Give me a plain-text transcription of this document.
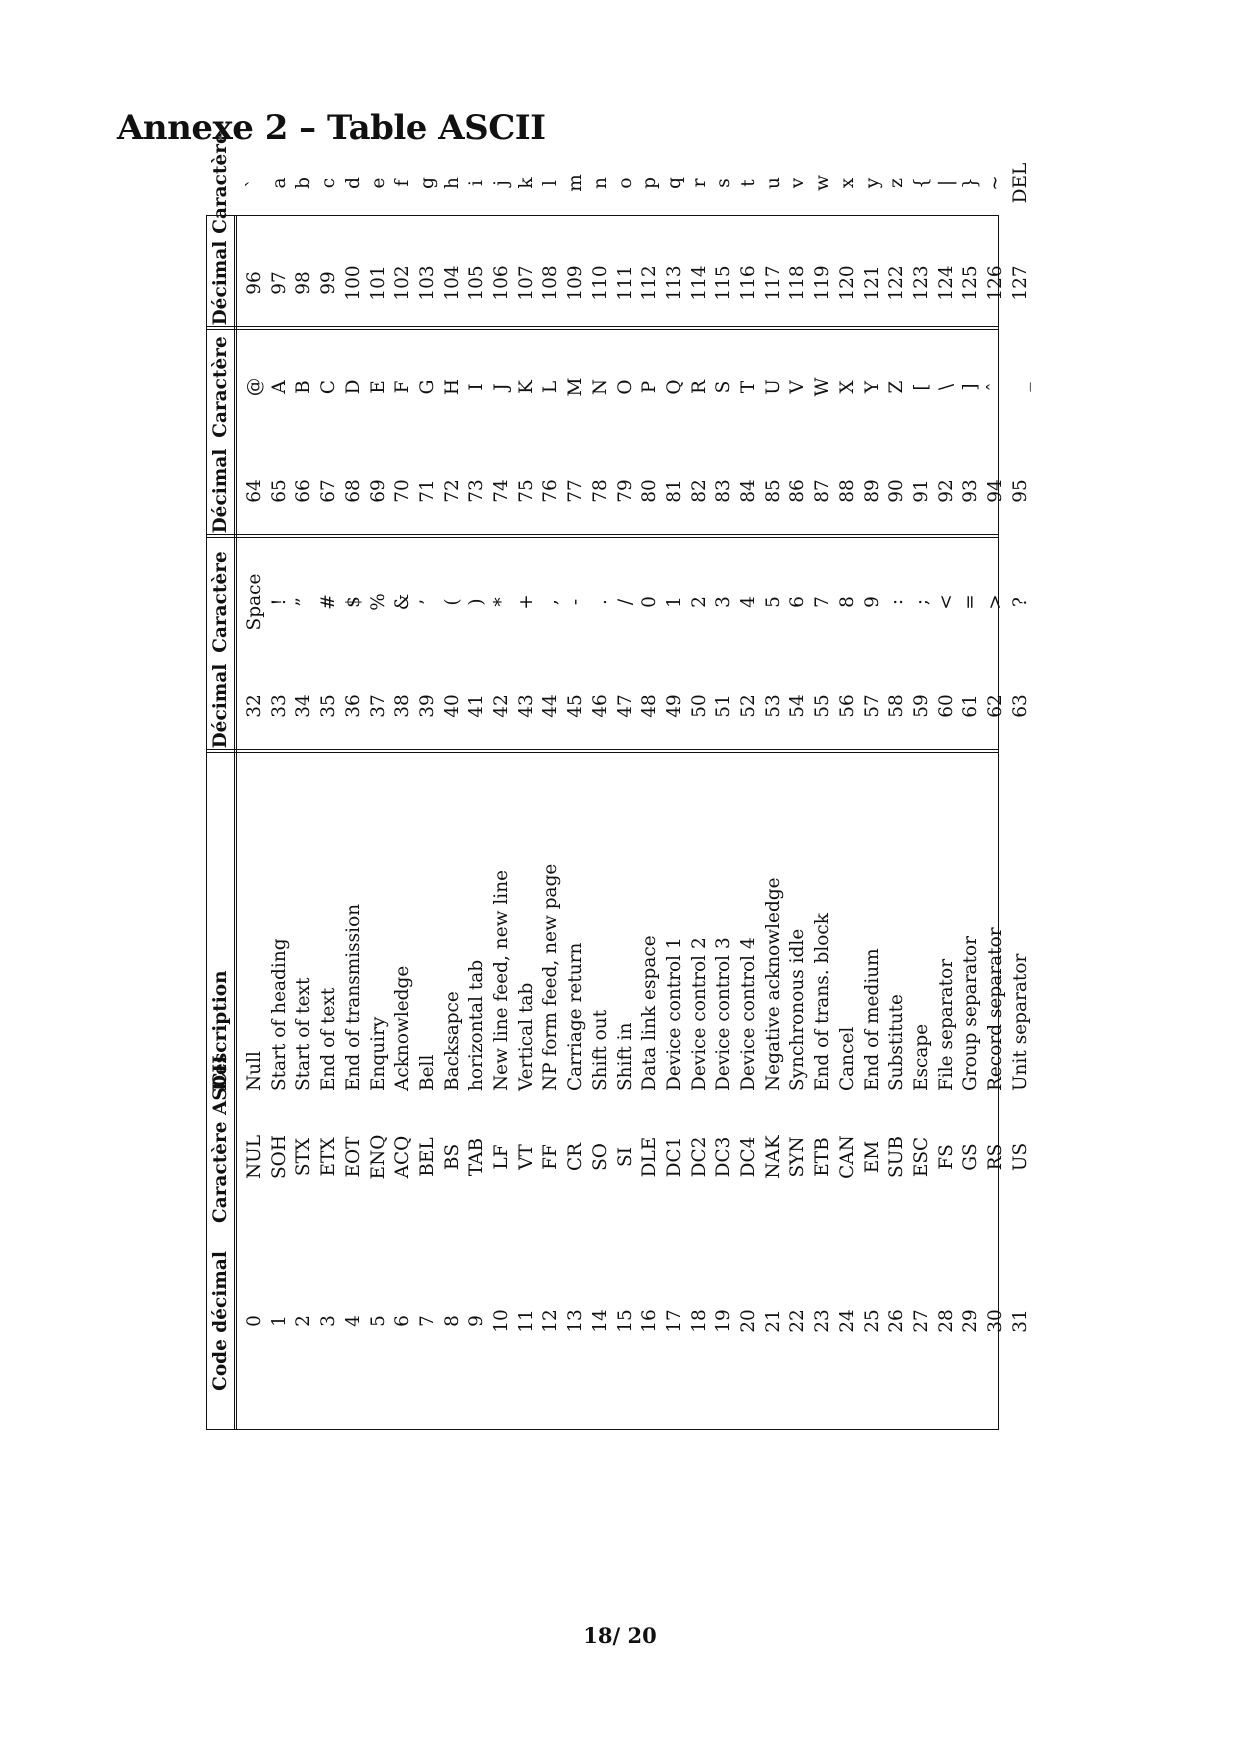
Annexe 2 – Table ASCII
Code décimal
Caractère ASCII
Description
Décimal
Caractère
Décimal
Caractère
Décimal
Caractère
0
NUL
Null
32
Space
64
@
96
`
1
SOH
Start of heading
33
!
65
A
97
a
2
STX
Start of text
34
”
66
B
98
b
3
ETX
End of text
35
#
67
C
99
c
4
EOT
End of transmission
36
$
68
D
100
d
5
ENQ
Enquiry
37
%
69
E
101
e
6
ACQ
Acknowledge
38
&
70
F
102
f
7
BEL
Bell
39
’
71
G
103
g
8
BS
Backsapce
40
(
72
H
104
h
9
TAB
horizontal tab
41
)
73
I
105
i
10
LF
New line feed, new line
42
*
74
J
106
j
11
VT
Vertical tab
43
+
75
K
107
k
12
FF
NP form feed, new page
44
,
76
L
108
l
13
CR
Carriage return
45
-
77
M
109
m
14
SO
Shift out
46
.
78
N
110
n
15
SI
Shift in
47
/
79
O
111
o
16
DLE
Data link espace
48
0
80
P
112
p
17
DC1
Device control 1
49
1
81
Q
113
q
18
DC2
Device control 2
50
2
82
R
114
r
19
DC3
Device control 3
51
3
83
S
115
s
20
DC4
Device control 4
52
4
84
T
116
t
21
NAK
Negative acknowledge
53
5
85
U
117
u
22
SYN
Synchronous idle
54
6
86
V
118
v
23
ETB
End of trans. block
55
7
87
W
119
w
24
CAN
Cancel
56
8
88
X
120
x
25
EM
End of medium
57
9
89
Y
121
y
26
SUB
Substitute
58
:
90
Z
122
z
27
ESC
Escape
59
;
91
[
123
{
28
FS
File separator
60
<
92
\
124
|
29
GS
Group separator
61
=
93
]
125
}
30
RS
Record separator
62
>
94
ˆ
126
~
31
US
Unit separator
63
?
95
_
127
DEL
18/ 20
